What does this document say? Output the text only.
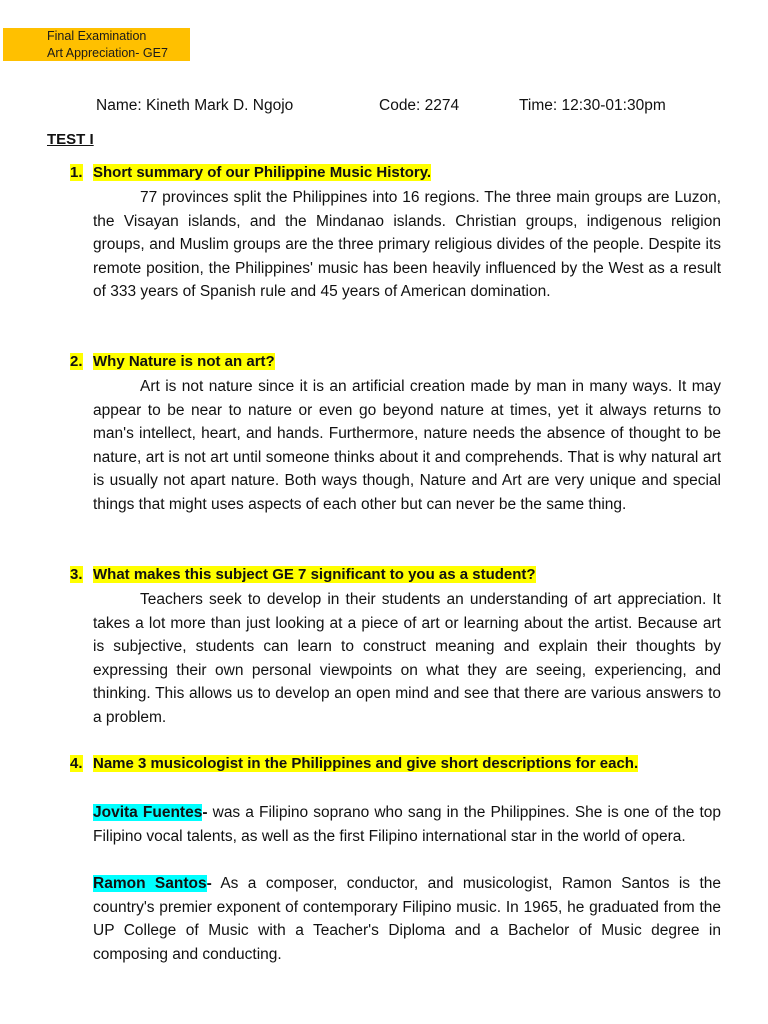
Final Examination
Art Appreciation- GE7
Name: Kineth Mark D. Ngojo	Code: 2274	Time: 12:30-01:30pm
TEST I
1. Short summary of our Philippine Music History.

77 provinces split the Philippines into 16 regions. The three main groups are Luzon, the Visayan islands, and the Mindanao islands. Christian groups, indigenous religion groups, and Muslim groups are the three primary religious divides of the people. Despite its remote position, the Philippines' music has been heavily influenced by the West as a result of 333 years of Spanish rule and 45 years of American domination.

2. Why Nature is not an art?

Art is not nature since it is an artificial creation made by man in many ways. It may appear to be near to nature or even go beyond nature at times, yet it always returns to man's intellect, heart, and hands. Furthermore, nature needs the absence of thought to be nature, art is not art until someone thinks about it and comprehends. That is why natural art is usually not apart nature. Both ways though, Nature and Art are very unique and special things that might uses aspects of each other but can never be the same thing.

3. What makes this subject GE 7 significant to you as a student?

Teachers seek to develop in their students an understanding of art appreciation. It takes a lot more than just looking at a piece of art or learning about the artist. Because art is subjective, students can learn to construct meaning and explain their thoughts by expressing their own personal viewpoints on what they are seeing, experiencing, and thinking. This allows us to develop an open mind and see that there are various answers to a problem.

4. Name 3 musicologist in the Philippines and give short descriptions for each.

Jovita Fuentes- was a Filipino soprano who sang in the Philippines. She is one of the top Filipino vocal talents, as well as the first Filipino international star in the world of opera.

Ramon Santos- As a composer, conductor, and musicologist, Ramon Santos is the country's premier exponent of contemporary Filipino music. In 1965, he graduated from the UP College of Music with a Teacher's Diploma and a Bachelor of Music degree in composing and conducting.
